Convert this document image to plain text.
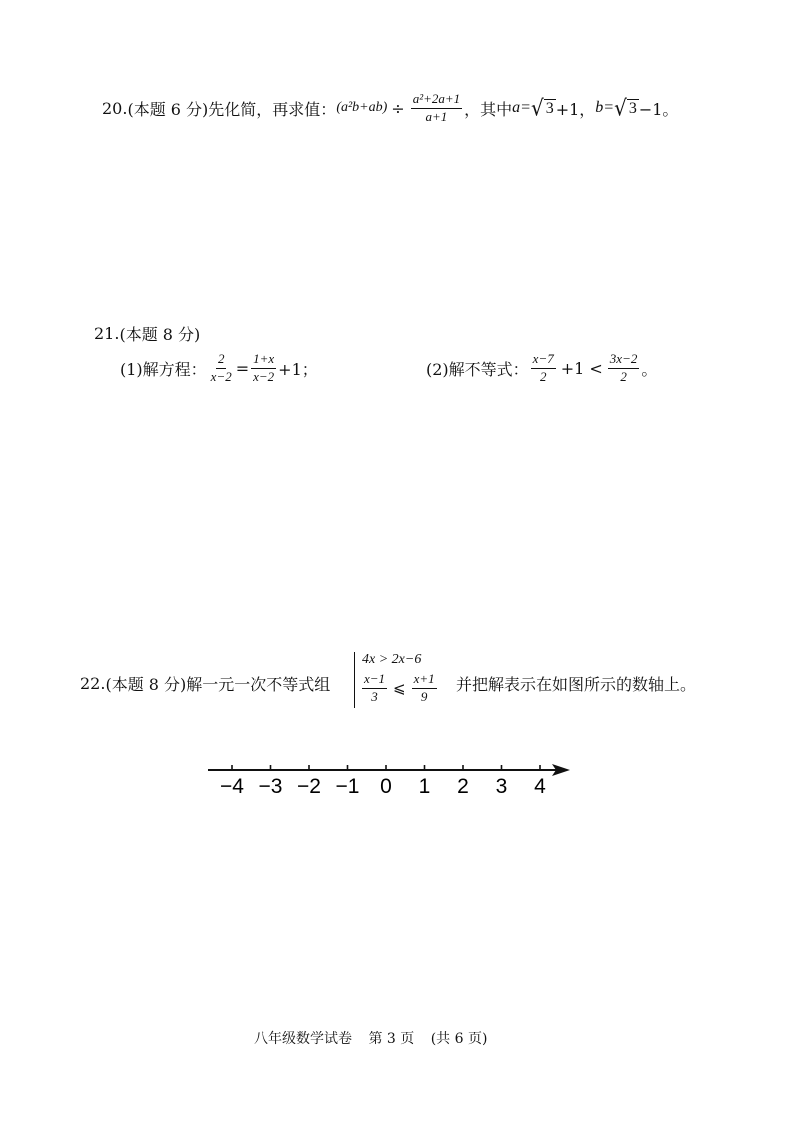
20. (本题 6 分) 先化简，再求值： $(a^2b+ab) \div \frac{\text{a²+2a+1}}{a+1}$ ，其中 a= √ 3 +1， b= √ 3 −1。
21. (本题 8 分)
(1)解方程： $\frac{2}{x-2} = \frac{1+x}{x-2} +1$；	(2)解不等式： $\frac{x-7}{2} +1 < \frac{3x-2}{2}$ 。
22. (本题 8 分) 解一元一次不等式组
4x > 2x−6
$\frac{x-1}{3}$ ⩽ $\frac{x+1}{9}$ 并把解表示在如图所示的数轴上。
−4 −3 −2 −1 0 1 2 3 4
八年级数学试卷 第 3 页 (共 6 页)
